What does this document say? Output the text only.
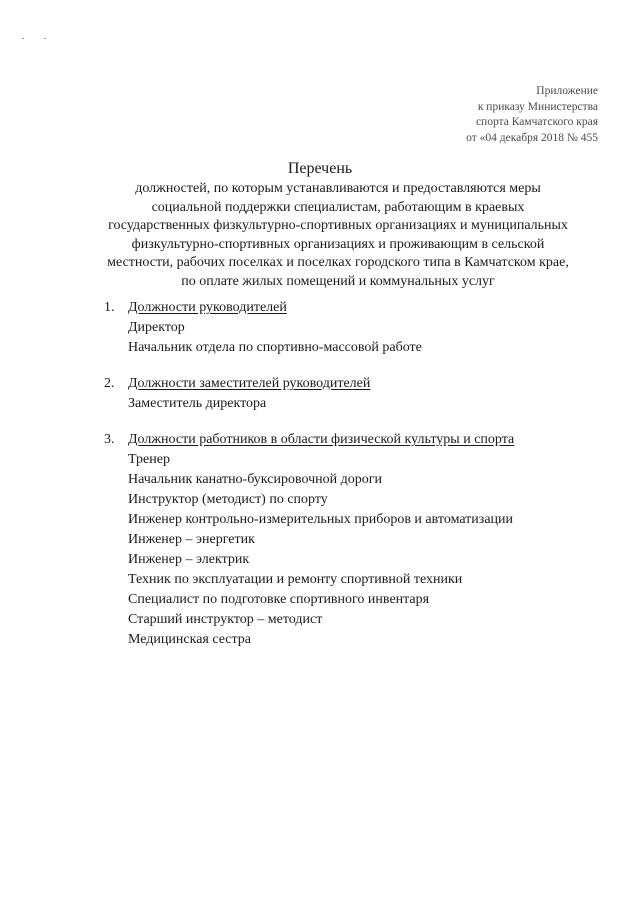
Приложение
к приказу Министерства
спорта Камчатского края
от «04 декабря 2018 № 455
Перечень
должностей, по которым устанавливаются и предоставляются меры
социальной поддержки специалистам, работающим в краевых
государственных физкультурно-спортивных организациях и муниципальных
физкультурно-спортивных организациях и проживающим в сельской
местности, рабочих поселках и поселках городского типа в Камчатском крае,
по оплате жилых помещений и коммунальных услуг
1. Должности руководителей
Директор
Начальник отдела по спортивно-массовой работе
2. Должности заместителей руководителей
Заместитель директора
3. Должности работников в области физической культуры и спорта
Тренер
Начальник канатно-буксировочной дороги
Инструктор (методист) по спорту
Инженер контрольно-измерительных приборов и автоматизации
Инженер – энергетик
Инженер – электрик
Техник по эксплуатации и ремонту спортивной техники
Специалист по подготовке спортивного инвентаря
Старший инструктор – методист
Медицинская сестра
